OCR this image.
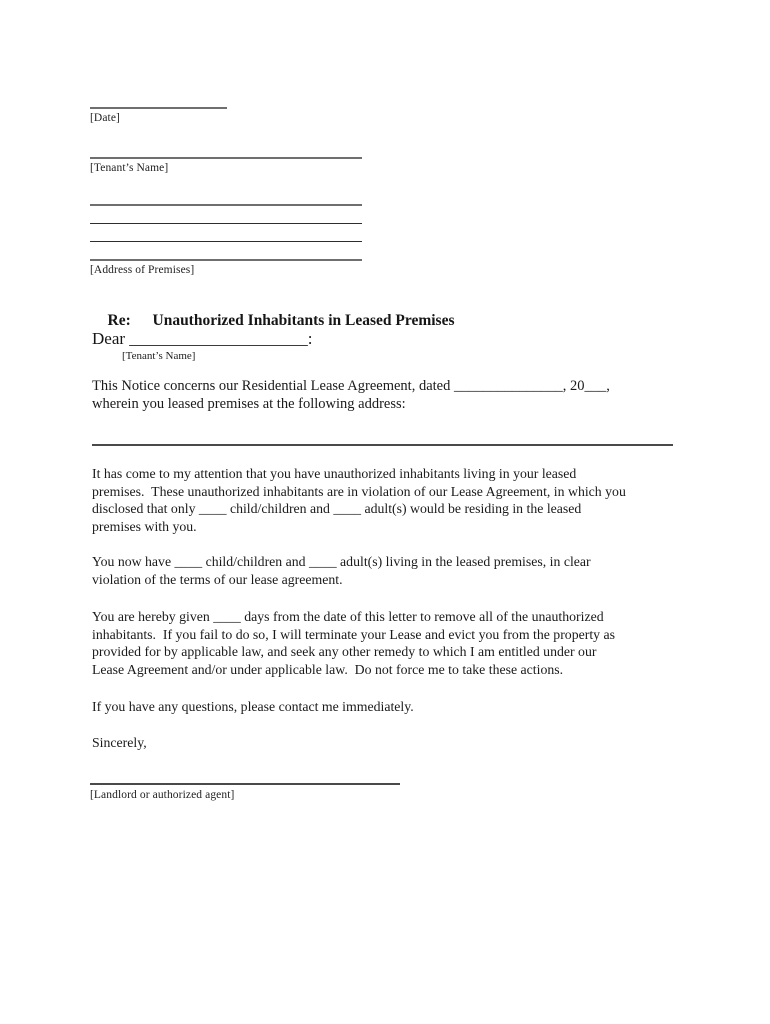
[Date]
[Tenant’s Name]
[Address of Premises]

Re: Unauthorized Inhabitants in Leased Premises

Dear _____________________:
[Tenant’s Name]
This Notice concerns our Residential Lease Agreement, dated _______________, 20___,
wherein you leased premises at the following address:
It has come to my attention that you have unauthorized inhabitants living in your leased
premises.  These unauthorized inhabitants are in violation of our Lease Agreement, in which you
disclosed that only ____ child/children and ____ adult(s) would be residing in the leased
premises with you.
You now have ____ child/children and ____ adult(s) living in the leased premises, in clear
violation of the terms of our lease agreement.
You are hereby given ____ days from the date of this letter to remove all of the unauthorized
inhabitants.  If you fail to do so, I will terminate your Lease and evict you from the property as
provided for by applicable law, and seek any other remedy to which I am entitled under our
Lease Agreement and/or under applicable law.  Do not force me to take these actions.
If you have any questions, please contact me immediately.
Sincerely,
[Landlord or authorized agent]
